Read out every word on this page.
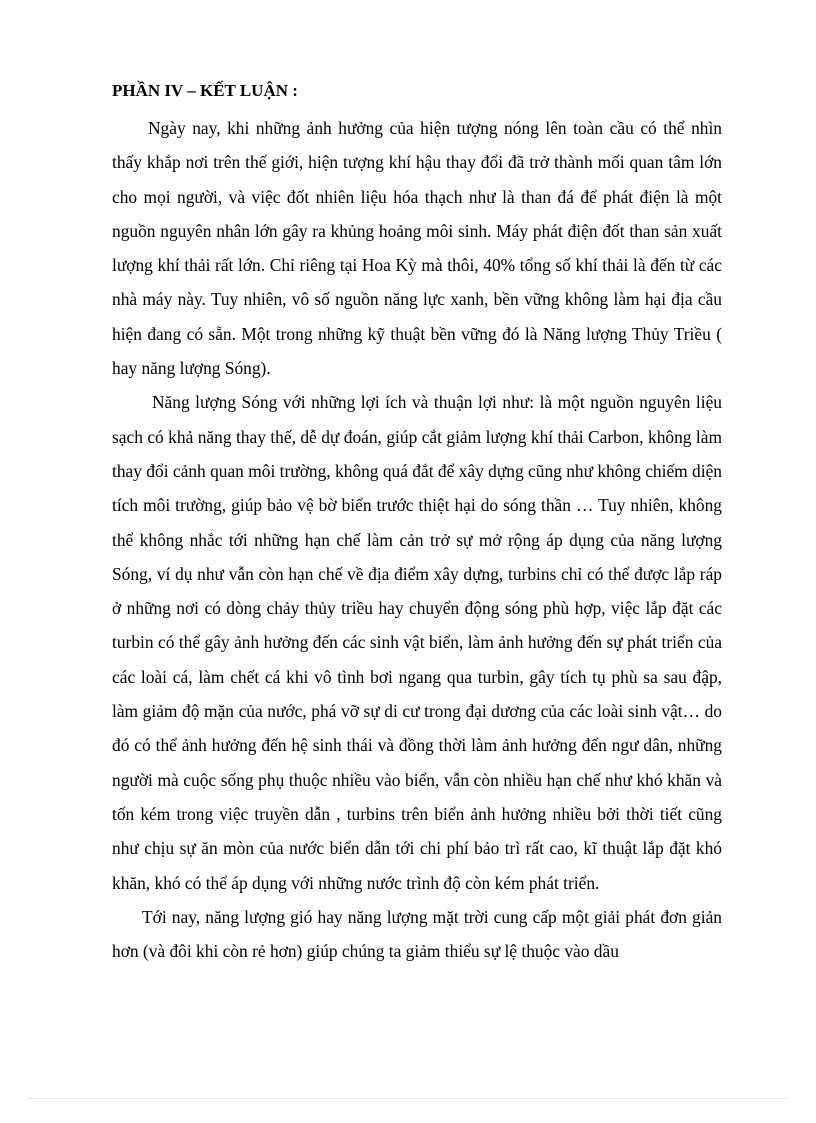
PHẦN IV – KẾT LUẬN :

Ngày nay, khi những ảnh hưởng của hiện tượng nóng lên toàn cầu có thể nhìn thấy khắp nơi trên thế giới, hiện tượng khí hậu thay đổi đã trở thành mối quan tâm lớn cho mọi người, và việc đốt nhiên liệu hóa thạch như là than đá để phát điện là một nguồn nguyên nhân lớn gây ra khủng hoảng môi sinh. Máy phát điện đốt than sản xuất lượng khí thải rất lớn. Chỉ riêng tại Hoa Kỳ mà thôi, 40% tổng số khí thải là đến từ các nhà máy này. Tuy nhiên, vô số nguồn năng lực xanh, bền vững không làm hại địa cầu hiện đang có sẵn. Một trong những kỹ thuật bền vững đó là Năng lượng Thủy Triều ( hay năng lượng Sóng).

Năng lượng Sóng với những lợi ích và thuận lợi như: là một nguồn nguyên liệu sạch có khả năng thay thế, dễ dự đoán, giúp cắt giảm lượng khí thải Carbon, không làm thay đổi cảnh quan môi trường, không quá đắt để xây dựng cũng như không chiếm diện tích môi trường, giúp bảo vệ bờ biển trước thiệt hại do sóng thần … Tuy nhiên, không thể không nhắc tới những hạn chế làm cản trở sự mở rộng áp dụng của năng lượng Sóng, ví dụ như vẫn còn hạn chế về địa điểm xây dựng, turbins chỉ có thể được lắp ráp ở những nơi có dòng chảy thủy triều hay chuyển động sóng phù hợp, việc lắp đặt các turbin có thể gây ảnh hưởng đến các sinh vật biển, làm ảnh hưởng đến sự phát triển của các loài cá, làm chết cá khi vô tình bơi ngang qua turbin, gây tích tụ phù sa sau đập, làm giảm độ mặn của nước, phá vỡ sự di cư trong đại dương của các loài sinh vật… do đó có thể ảnh hưởng đến hệ sinh thái và đồng thời làm ảnh hưởng đến ngư dân, những người mà cuộc sống phụ thuộc nhiều vào biển, vẫn còn nhiều hạn chế như khó khăn và tốn kém trong việc truyền dẫn , turbins trên biển ảnh hưởng nhiều bởi thời tiết cũng như chịu sự ăn mòn của nước biển dẫn tới chi phí bảo trì rất cao, kĩ thuật lắp đặt khó khăn, khó có thể áp dụng với những nước trình độ còn kém phát triển.

Tới nay, năng lượng gió hay năng lượng mặt trời cung cấp một giải phát đơn giản hơn (và đôi khi còn rẻ hơn) giúp chúng ta giảm thiểu sự lệ thuộc vào dầu
